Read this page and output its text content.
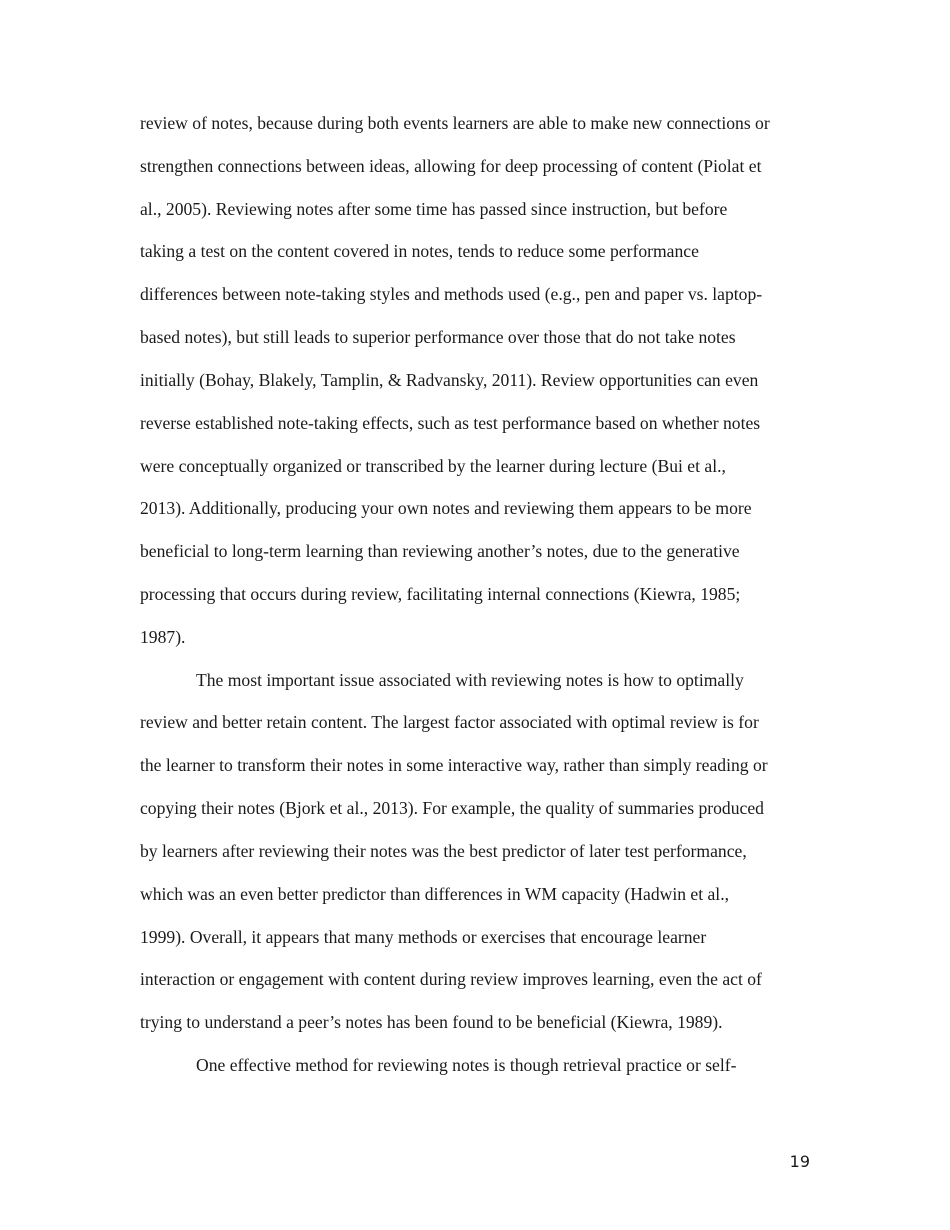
review of notes, because during both events learners are able to make new connections or

strengthen connections between ideas, allowing for deep processing of content (Piolat et

al., 2005). Reviewing notes after some time has passed since instruction, but before

taking a test on the content covered in notes, tends to reduce some performance

differences between note-taking styles and methods used (e.g., pen and paper vs. laptop-

based notes), but still leads to superior performance over those that do not take notes

initially (Bohay, Blakely, Tamplin, & Radvansky, 2011). Review opportunities can even

reverse established note-taking effects, such as test performance based on whether notes

were conceptually organized or transcribed by the learner during lecture (Bui et al.,

2013). Additionally, producing your own notes and reviewing them appears to be more

beneficial to long-term learning than reviewing another’s notes, due to the generative

processing that occurs during review, facilitating internal connections (Kiewra, 1985;

1987).

The most important issue associated with reviewing notes is how to optimally

review and better retain content. The largest factor associated with optimal review is for

the learner to transform their notes in some interactive way, rather than simply reading or

copying their notes (Bjork et al., 2013). For example, the quality of summaries produced

by learners after reviewing their notes was the best predictor of later test performance,

which was an even better predictor than differences in WM capacity (Hadwin et al.,

1999). Overall, it appears that many methods or exercises that encourage learner

interaction or engagement with content during review improves learning, even the act of

trying to understand a peer’s notes has been found to be beneficial (Kiewra, 1989).

One effective method for reviewing notes is though retrieval practice or self-

19
